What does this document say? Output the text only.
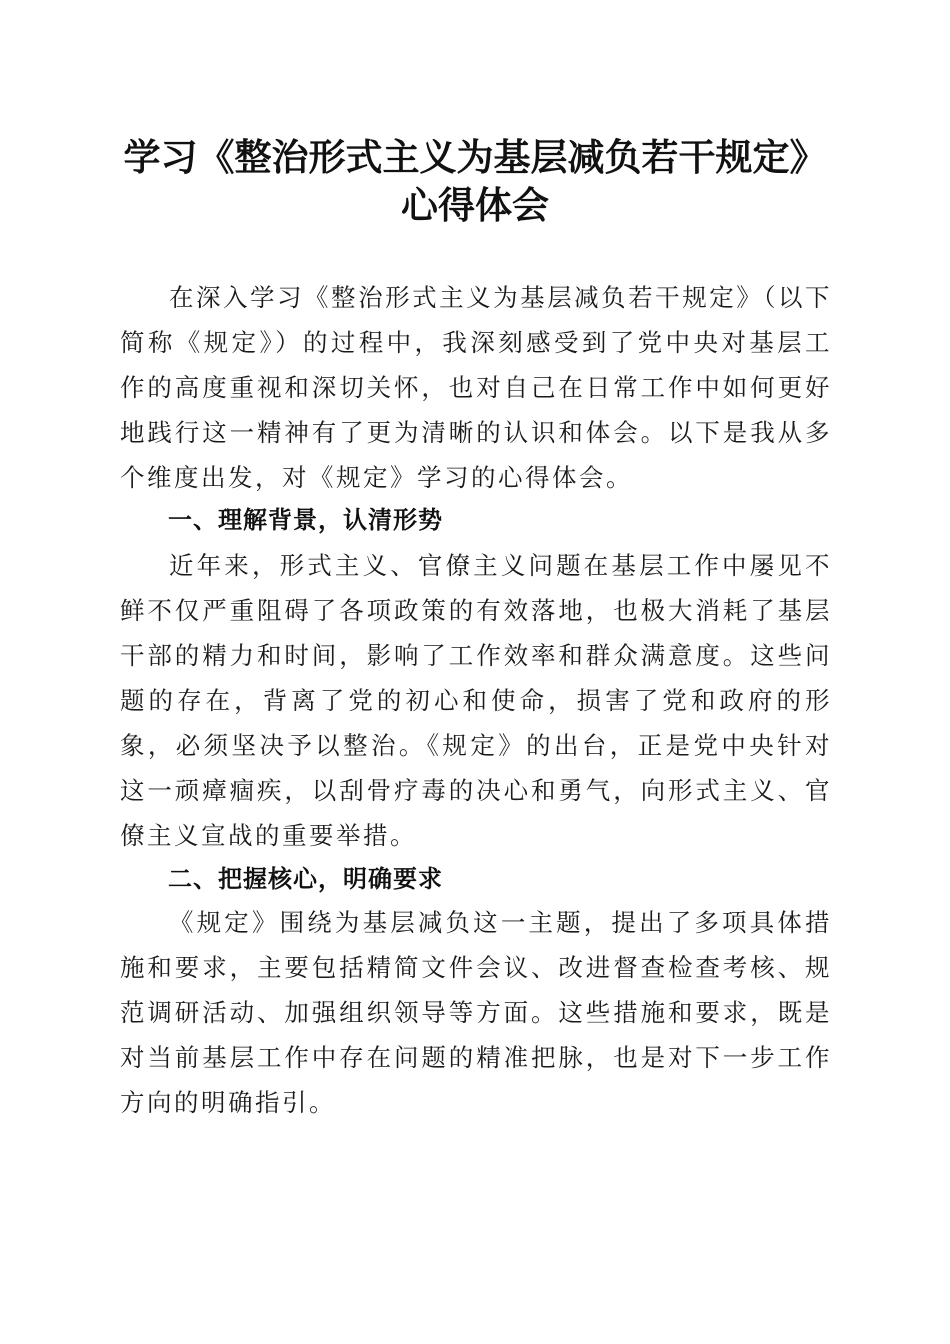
学习《整治形式主义为基层减负若干规定》心得体会

在深入学习《整治形式主义为基层减负若干规定》（以下简称《规定》）的过程中，我深刻感受到了党中央对基层工作的高度重视和深切关怀，也对自己在日常工作中如何更好地践行这一精神有了更为清晰的认识和体会。以下是我从多个维度出发，对《规定》学习的心得体会。

一、理解背景，认清形势

近年来，形式主义、官僚主义问题在基层工作中屡见不鲜不仅严重阻碍了各项政策的有效落地，也极大消耗了基层干部的精力和时间，影响了工作效率和群众满意度。这些问题的存在，背离了党的初心和使命，损害了党和政府的形象，必须坚决予以整治。《规定》的出台，正是党中央针对这一顽瘴痼疾，以刮骨疗毒的决心和勇气，向形式主义、官僚主义宣战的重要举措。

二、把握核心，明确要求

《规定》围绕为基层减负这一主题，提出了多项具体措施和要求，主要包括精简文件会议、改进督查检查考核、规范调研活动、加强组织领导等方面。这些措施和要求，既是对当前基层工作中存在问题的精准把脉，也是对下一步工作方向的明确指引。
